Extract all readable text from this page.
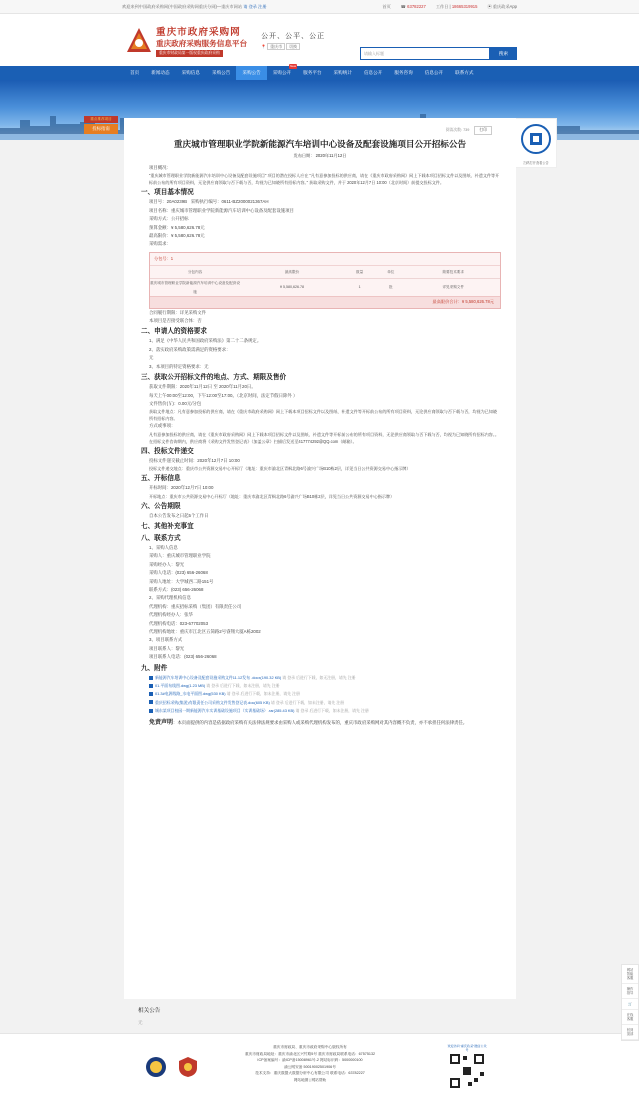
欢迎来到中国政府采购网(中国政府采购网重庆分网)—重庆市网站 请 登录 注册	首页 ☎ 63782227 工作日 | 18665319915 ▣ 重庆政采App
重庆市政府采购网
重庆政府采购服务信息平台
重庆市财政局第一版权重庆政府采购
公开、公平、公正
📍 重庆市 切换
请输入标题	搜索
首页	新闻动态	采购信息	采购公告	采购公告	采购公开
New
服务平台	采购统计	信息公开	服务咨询	信息公开	联系方式
重点推荐项目
投标指南
扫码打开查看公告
阅读次数: 739	打印
重庆城市管理职业学院新能源汽车培训中心设备及配套设施项目公开招标公告
发布日期： 2020年11月12日

项目概况：

“重庆城市管理职业学院新能源汽车培训中心设备及配套设施项目” 项目的潜在投标人应在 “凡有意参加投标的供应商，请在《重庆市政府采购网》网上下载本项目招标文件以及图纸、补遗文件等开标前公布的所有项目资料，无论供应商领取与否下载与否，均视为已知晓所有招标内容。” 获取采购文件，并于 2020年12月7日 10:00（北京时间）前提交投标文件。

一、项目基本情况

项目号：20A0239B 采购执行编号：0611-BZ2000021367AH

项目名称：重庆城市管理职业学院新能源汽车培训中心设备及配套设施项目

采购方式：公开招标

预算金额：¥ 5,580,626.78元

最高限价：¥ 5,580,626.78元

采购需求：

分包号：1
分包内容	最高限价	数量	单位	简要技术要求
重庆城市管理职业学院新能源汽车培训中心设备及配套设施	¥ 5,580,626.78	1	批	详见采购文件
最高限价合计：¥ 5,580,626.78元

合同履行期限：详见采购文件

本项目是否接受联合体：否

二、申请人的资格要求

1、满足《中华人民共和国政府采购法》第二十二条规定。

2、落实政府采购政策需满足的资格要求：

无

3、本项目的特定资格要求：无

三、获取公开招标文件的地点、方式、期限及售价

获取文件期限：2020年11月12日 至 2020年11月20日。

每天上午00:00至12:00，下午12:00至17:00。（北京时间，法定节假日除外 ）

文件售价(￥)：0.00元/分包

获取文件地点：凡有意参加投标的供应商，请在《重庆市政府采购网》网上下载本项目招标文件以及图纸、补遗文件等开标前公布的所有项目资料，无论供应商领取与否下载与否，均视为已知晓所有招标内容。

方式或事项：

凡有意参加投标的供应商，请在《重庆市政府采购网》网上下载本项目招标文件以及图纸、补遗文件等开标前公布的所有项目资料，无论供应商领取与否下载与否，均视为已知晓所有招标内容。。在招标文件咨询期内，供应商将《采购文件发售登记表》（加盖公章）扫描后发送至417774292@QQ.com（邮箱）。

四、投标文件递交

投标文件递交截止时间：2020年12月7日 10:00

投标文件递交地点：重庆市公共资源交易中心开标厅（地址：重庆市渝北区青枫北路6号渝兴广场B10栋2层，详见当日公共资源交易中心指示牌）

五、开标信息

开标时间：2020年12月7日 10:00

开标地点：重庆市公共资源交易中心开标厅（地址：重庆市渝北区青枫北路6号渝兴广场B10栋2层，详见当日公共资源交易中心指示牌）

六、公告期限

自本公告发布之日起5个工作日

七、其他补充事宜
八、联系方式

1、采购人信息

采购人：重庆城市管理职业学院

采购经办人：黎光

采购人电话：(023) 656-26068

采购人地址：大学城西二路151号

联系方式：(023) 656-26068

2、采购代理机构信息

代理机构：重庆招标采购（集团）有限责任公司

代理机构经办人：张华

代理机构电话：023-67702053

代理机构地址：重庆市江北区五简路2号睿翔大厦A栋2002

3、项目联系方式

项目联系人：黎光

项目联系人电话：(023) 656-26068

九、附件
新能源汽车培训中心设备及配套设施采购文件11.12发布 .docx(190.32 KB) 请 登录 后进行下载，如无注册，请先 注册
01.平面布线图.dwg(1.23 MB) 请 登录 后进行下载，如未注册，请先 注册
01.3#电源线路_水电平面图.dwg(530 KB) 请 登录 后进行下载，如未注册，请先 注册
重庆招标采购(集团)有限责任公司采购文件发售登记表.doc(605 KB) 请 登录 后进行下载，如未注册，请先 注册
城东某项目校园一期新能源汽车实训基础设施项目（实训基础场）.rar(285.43 KB) 请 登录 后进行下载，如未注册，请先 注册
免责声明：本页面提供的内容是依据政府采购有关法律法规要求由采购人或采购代理机构发布的，重庆市政府采购网对其内容概不负责，亦不承担任何法律责任。
相关公告
无
重庆市财政局、重庆市政府采购中心版权所有
重庆市财政局地址：重庆市渝北区兴竹路5号 重庆市财政局联系电话：67575132
ICP备案编号：渝ICP备15008961号-2 网站标识码：5000000100
渝公网安备 50019002501906号
技术支持：重庆数据大数据分析中心有限公司 联系电话：63782227
网站地图 | 网站帮助
欢迎访问“重庆政采”微信公众号
网站
智能
客服
操作
指导
🛒
在线
客服
回到
顶部
